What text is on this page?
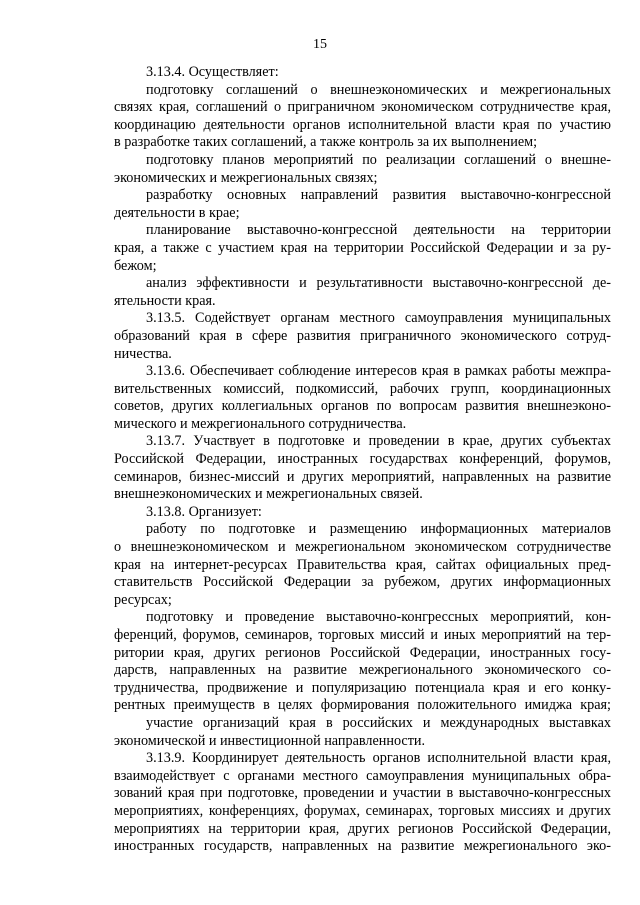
15
3.13.4. Осуществляет:
подготовку соглашений о внешнеэкономических и межрегиональных
связях края, соглашений о приграничном экономическом сотрудничестве края,
координацию деятельности органов исполнительной власти края по участию
в разработке таких соглашений, а также контроль за их выполнением;
подготовку планов мероприятий по реализации соглашений о внешне-
экономических и межрегиональных связях;
разработку основных направлений развития выставочно-конгрессной
деятельности в крае;
планирование выставочно-конгрессной деятельности на территории
края, а также с участием края на территории Российской Федерации и за ру-
бежом;
анализ эффективности и результативности выставочно-конгрессной де-
ятельности края.
3.13.5. Содействует органам местного самоуправления муниципальных
образований края в сфере развития приграничного экономического сотруд-
ничества.
3.13.6. Обеспечивает соблюдение интересов края в рамках работы межпра-
вительственных комиссий, подкомиссий, рабочих групп, координационных
советов, других коллегиальных органов по вопросам развития внешнеэконо-
мического и межрегионального сотрудничества.
3.13.7. Участвует в подготовке и проведении в крае, других субъектах
Российской Федерации, иностранных государствах конференций, форумов,
семинаров, бизнес-миссий и других мероприятий, направленных на развитие
внешнеэкономических и межрегиональных связей.
3.13.8. Организует:
работу по подготовке и размещению информационных материалов
о внешнеэкономическом и межрегиональном экономическом сотрудничестве
края на интернет-ресурсах Правительства края, сайтах официальных пред-
ставительств Российской Федерации за рубежом, других информационных
ресурсах;
подготовку и проведение выставочно-конгрессных мероприятий, кон-
ференций, форумов, семинаров, торговых миссий и иных мероприятий на тер-
ритории края, других регионов Российской Федерации, иностранных госу-
дарств, направленных на развитие межрегионального экономического со-
трудничества, продвижение и популяризацию потенциала края и его конку-
рентных преимуществ в целях формирования положительного имиджа края;
участие организаций края в российских и международных выставках
экономической и инвестиционной направленности.
3.13.9. Координирует деятельность органов исполнительной власти края,
взаимодействует с органами местного самоуправления муниципальных обра-
зований края при подготовке, проведении и участии в выставочно-конгрессных
мероприятиях, конференциях, форумах, семинарах, торговых миссиях и других
мероприятиях на территории края, других регионов Российской Федерации,
иностранных государств, направленных на развитие межрегионального эко-
